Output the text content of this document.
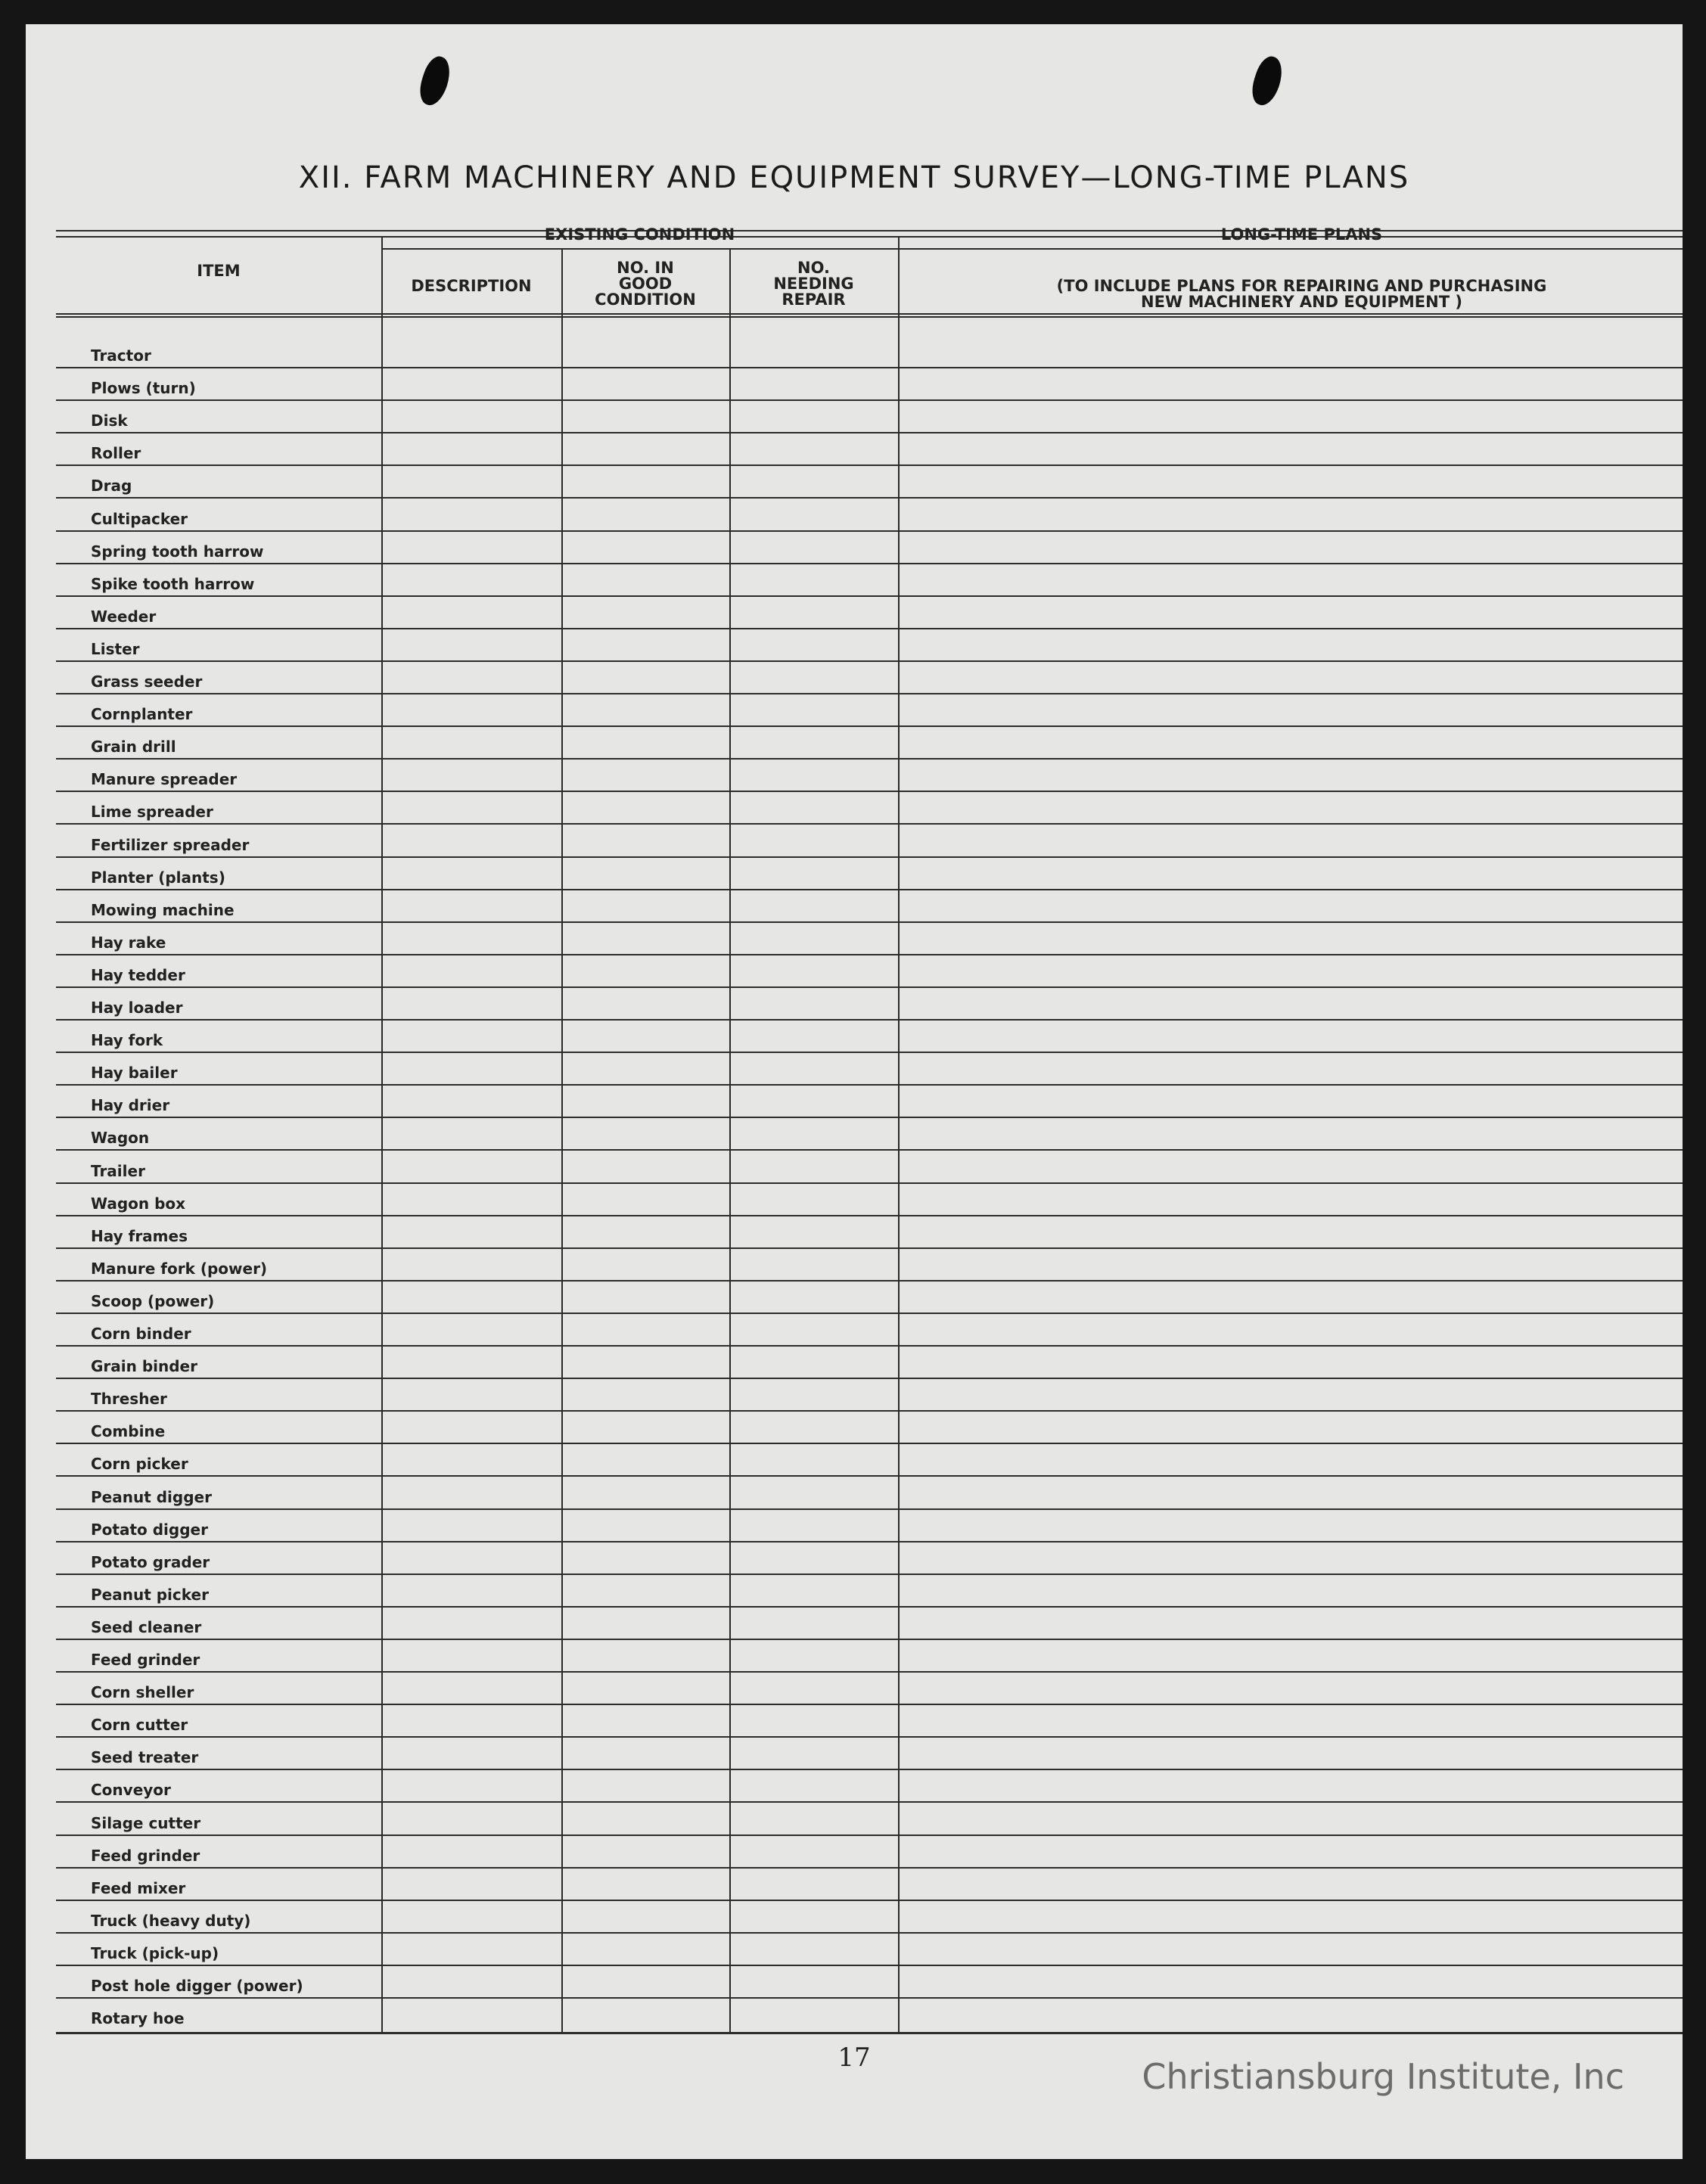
XII. FARM MACHINERY AND EQUIPMENT SURVEY—LONG-TIME PLANS
ITEM
EXISTING CONDITION
DESCRIPTION
NO. IN
GOOD
CONDITION
NO.
NEEDING
REPAIR
LONG-TIME PLANS
(TO INCLUDE PLANS FOR REPAIRING AND PURCHASING
NEW MACHINERY AND EQUIPMENT )
Tractor
Plows (turn)
Disk
Roller
Drag
Cultipacker
Spring tooth harrow
Spike tooth harrow
Weeder
Lister
Grass seeder
Cornplanter
Grain drill
Manure spreader
Lime spreader
Fertilizer spreader
Planter (plants)
Mowing machine
Hay rake
Hay tedder
Hay loader
Hay fork
Hay bailer
Hay drier
Wagon
Trailer
Wagon box
Hay frames
Manure fork (power)
Scoop (power)
Corn binder
Grain binder
Thresher
Combine
Corn picker
Peanut digger
Potato digger
Potato grader
Peanut picker
Seed cleaner
Feed grinder
Corn sheller
Corn cutter
Seed treater
Conveyor
Silage cutter
Feed grinder
Feed mixer
Truck (heavy duty)
Truck (pick-up)
Post hole digger (power)
Rotary hoe
17	Christiansburg Institute, Inc
